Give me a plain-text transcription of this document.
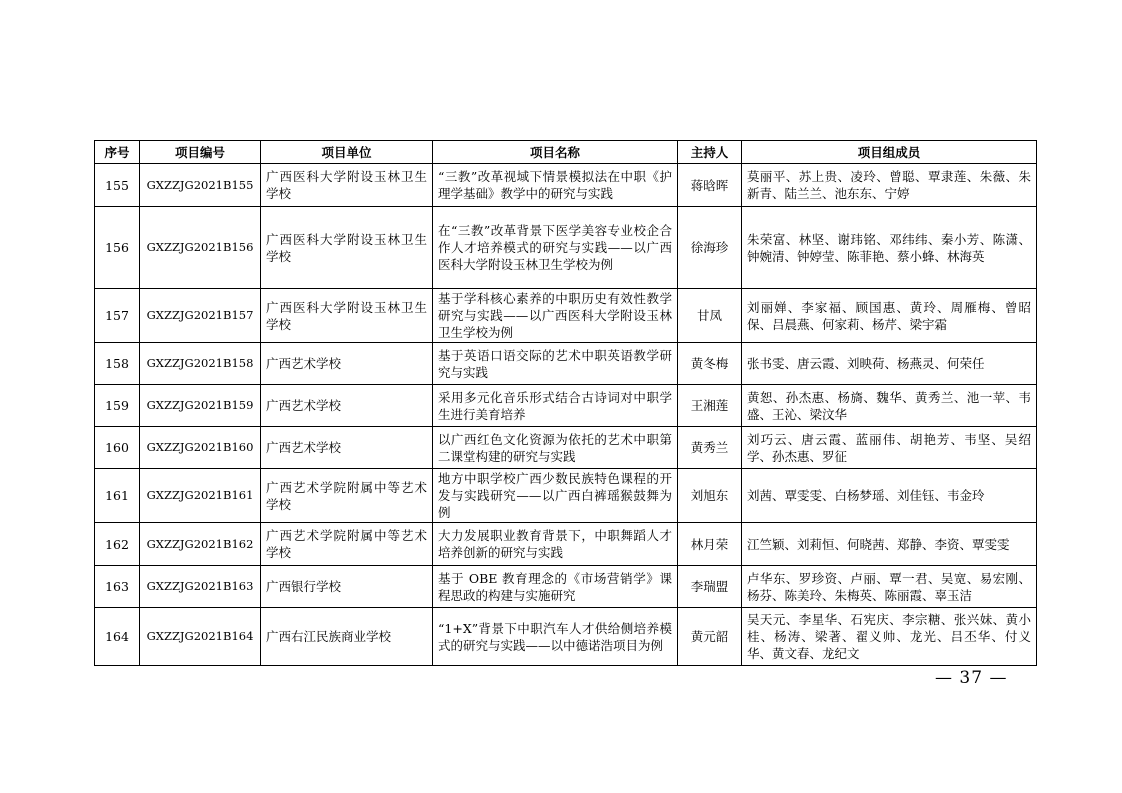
序号	项目编号	项目单位	项目名称	主持人	项目组成员
155	GXZZJG2021B155	广西医科大学附设玉林卫生学校	“三教”改革视域下情景模拟法在中职《护理学基础》教学中的研究与实践	蒋晗晖	莫丽平、苏上贵、凌玲、曾聪、覃隶莲、朱薇、朱新青、陆兰兰、池东东、宁婷
156	GXZZJG2021B156	广西医科大学附设玉林卫生学校	在“三教”改革背景下医学美容专业校企合作人才培养模式的研究与实践——以广西医科大学附设玉林卫生学校为例	徐海珍	朱荣富、林坚、谢玮铭、邓纬纬、秦小芳、陈潇、钟婉清、钟婷莹、陈菲艳、蔡小蜂、林海英
157	GXZZJG2021B157	广西医科大学附设玉林卫生学校	基于学科核心素养的中职历史有效性教学研究与实践——以广西医科大学附设玉林卫生学校为例	甘凤	刘丽婵、李家福、顾国惠、黄玲、周雁梅、曾昭保、吕晨燕、何家莉、杨芹、梁宇霜
158	GXZZJG2021B158	广西艺术学校	基于英语口语交际的艺术中职英语教学研究与实践	黄冬梅	张书雯、唐云霞、刘映荷、杨燕灵、何荣任
159	GXZZJG2021B159	广西艺术学校	采用多元化音乐形式结合古诗词对中职学生进行美育培养	王湘莲	黄恕、孙杰惠、杨旖、魏华、黄秀兰、池一苹、韦盛、王沁、梁汶华
160	GXZZJG2021B160	广西艺术学校	以广西红色文化资源为依托的艺术中职第二课堂构建的研究与实践	黄秀兰	刘巧云、唐云霞、蓝丽伟、胡艳芳、韦坚、吴绍学、孙杰惠、罗征
161	GXZZJG2021B161	广西艺术学院附属中等艺术学校	地方中职学校广西少数民族特色课程的开发与实践研究——以广西白裤瑶猴鼓舞为例	刘旭东	刘茜、覃雯雯、白杨梦瑶、刘佳钰、韦金玲
162	GXZZJG2021B162	广西艺术学院附属中等艺术学校	大力发展职业教育背景下，中职舞蹈人才培养创新的研究与实践	林月荣	江竺颖、刘莉恒、何晓茜、郑静、李资、覃雯雯
163	GXZZJG2021B163	广西银行学校	基于 OBE 教育理念的《市场营销学》课程思政的构建与实施研究	李瑞盟	卢华东、罗珍资、卢丽、覃一君、吴宽、易宏刚、杨芬、陈美玲、朱梅英、陈丽霞、辜玉洁
164	GXZZJG2021B164	广西右江民族商业学校	“1+X”背景下中职汽车人才供给侧培养模式的研究与实践——以中德诺浩项目为例	黄元韶	吴天元、李星华、石宪庆、李宗糖、张兴妹、黄小桂、杨涛、梁著、翟义帅、龙光、吕丕华、付义华、黄文春、龙纪文
— 37 —
